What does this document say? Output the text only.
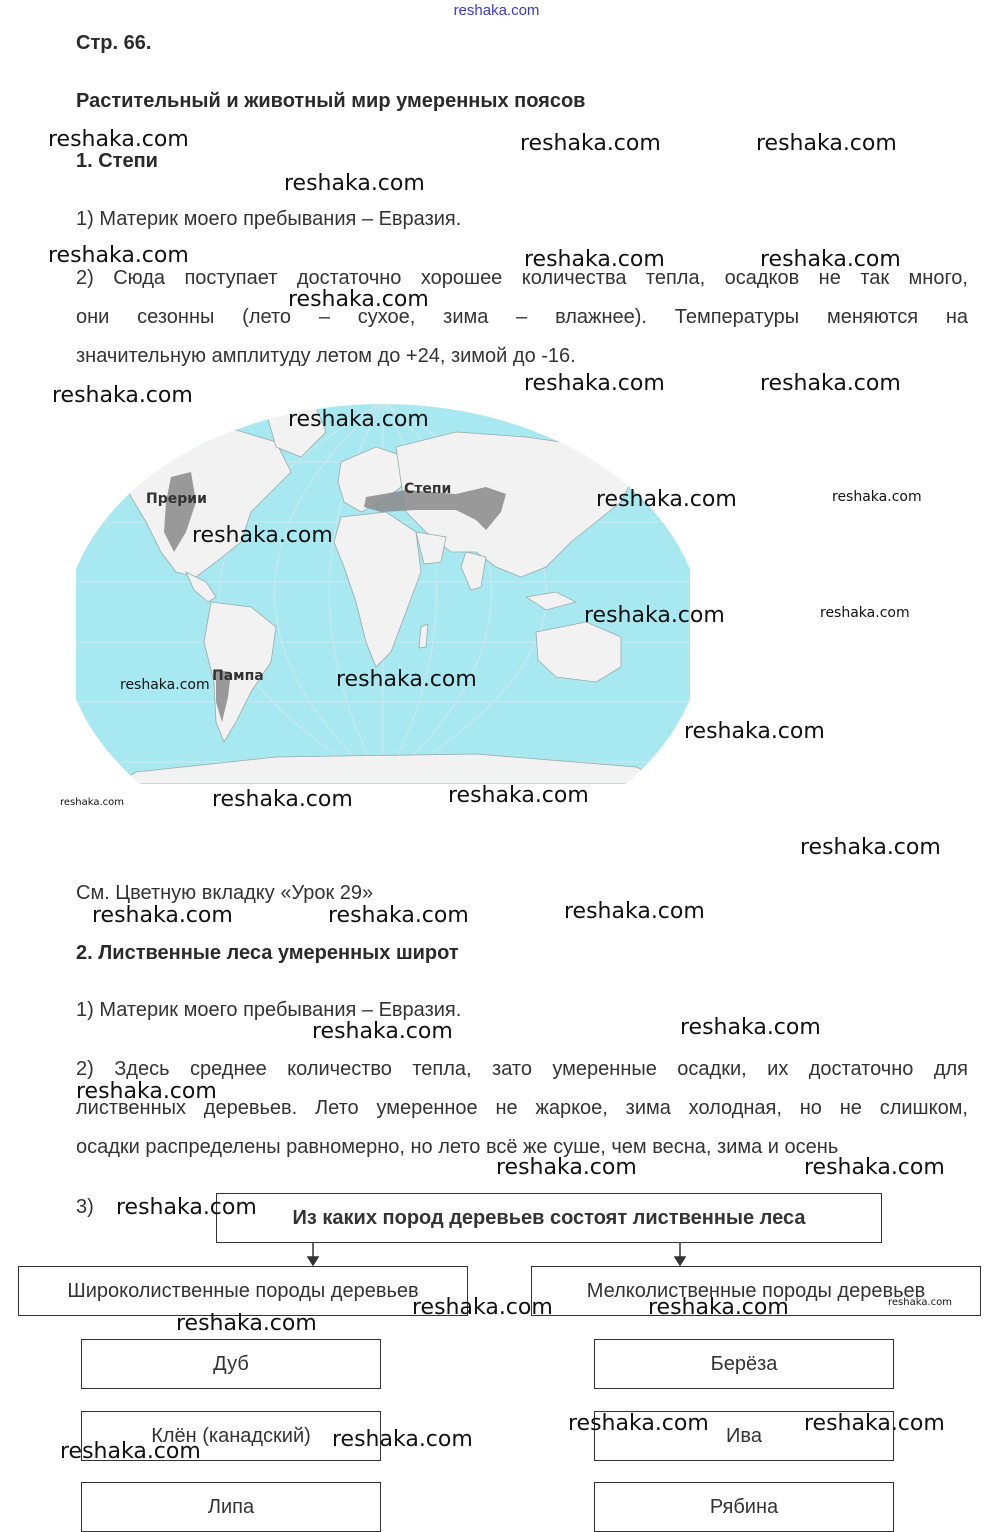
reshaka.com
Стр. 66.
Растительный и животный мир умеренных поясов
1. Степи
1) Материк моего пребывания – Евразия.
2) Сюда поступает достаточно хорошее количества тепла, осадков не так много,
они сезонны (лето – сухое, зима – влажнее). Температуры меняются на
значительную амплитуду летом до +24, зимой до -16.
Прерии
Степи
Пампа
См. Цветную вкладку «Урок 29»
2. Лиственные леса умеренных широт
1) Материк моего пребывания – Евразия.
2) Здесь среднее количество тепла, зато умеренные осадки, их достаточно для
лиственных деревьев. Лето умеренное не жаркое, зима холодная, но не слишком,
осадки распределены равномерно, но лето всё же суше, чем весна, зима и осень
3)	Из каких пород деревьев состоят лиственные леса
Широколиственные породы деревьев	Мелколиственные породы деревьев
Дуб
Клён (канадский)
Липа
Берёза
Ива
Рябина
reshaka.com	reshaka.com	reshaka.com
reshaka.com
reshaka.com	reshaka.com	reshaka.com
reshaka.com
reshaka.com	reshaka.com
reshaka.com
reshaka.com
reshaka.com	reshaka.com
reshaka.com
reshaka.com	reshaka.com
reshaka.com	reshaka.com
reshaka.com
reshaka.com	reshaka.com	reshaka.com
reshaka.com
reshaka.com	reshaka.com	reshaka.com
reshaka.com	reshaka.com
reshaka.com
reshaka.com	reshaka.com
reshaka.com
reshaka.com	reshaka.com	reshaka.com
reshaka.com
reshaka.com	reshaka.com
reshaka.com
reshaka.com
